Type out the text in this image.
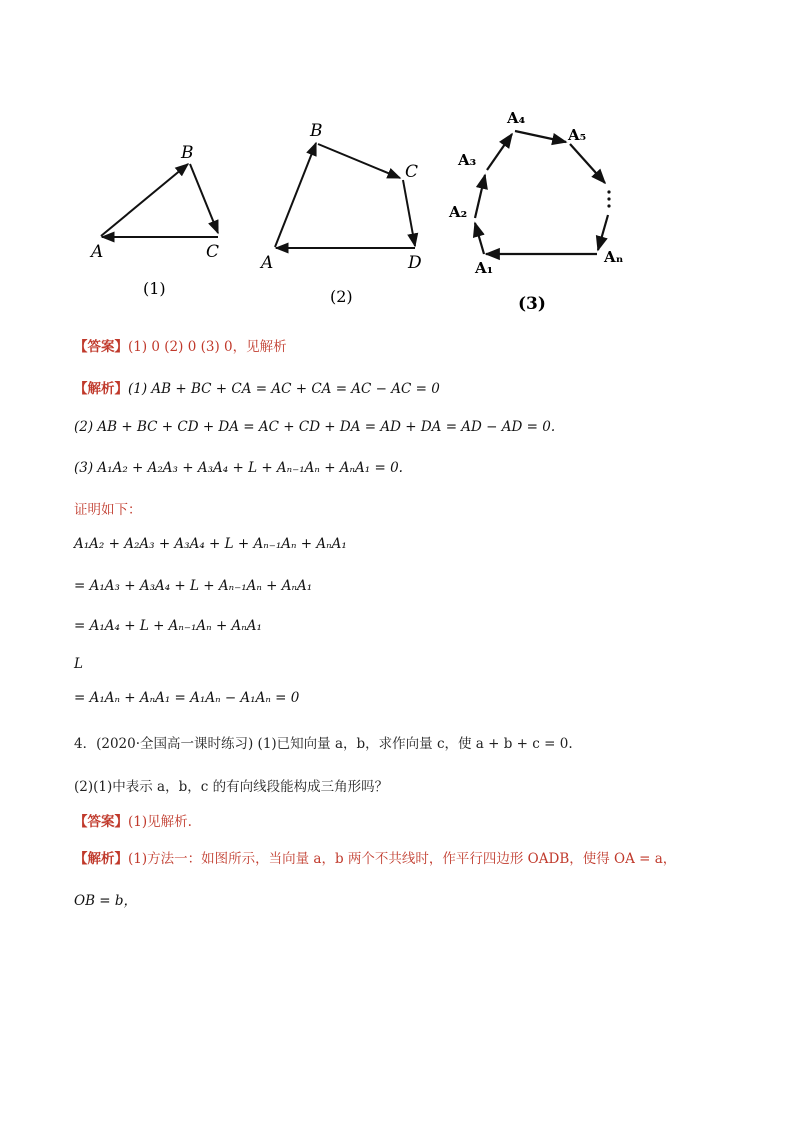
A
B
C
(1)
A
B
C
D
(2)
A₁
A₂
A₃
A₄
A₅
Aₙ
(3)
【答案】(1) 0 (2) 0 (3) 0，见解析
【解析】(1) AB + BC + CA = AC + CA = AC − AC = 0
(2) AB + BC + CD + DA = AC + CD + DA = AD + DA = AD − AD = 0.
(3) A₁A₂ + A₂A₃ + A₃A₄ + L + Aₙ₋₁Aₙ + AₙA₁ = 0.
证明如下：
A₁A₂ + A₂A₃ + A₃A₄ + L + Aₙ₋₁Aₙ + AₙA₁
= A₁A₃ + A₃A₄ + L + Aₙ₋₁Aₙ + AₙA₁
= A₁A₄ + L + Aₙ₋₁Aₙ + AₙA₁
L
= A₁Aₙ + AₙA₁ = A₁Aₙ − A₁Aₙ = 0
4．(2020·全国高一课时练习) (1)已知向量 a，b，求作向量 c，使 a + b + c = 0.
(2)(1)中表示 a，b，c 的有向线段能构成三角形吗？
【答案】(1)见解析.
【解析】(1)方法一：如图所示，当向量 a，b 两个不共线时，作平行四边形 OADB，使得 OA = a，
OB = b，
